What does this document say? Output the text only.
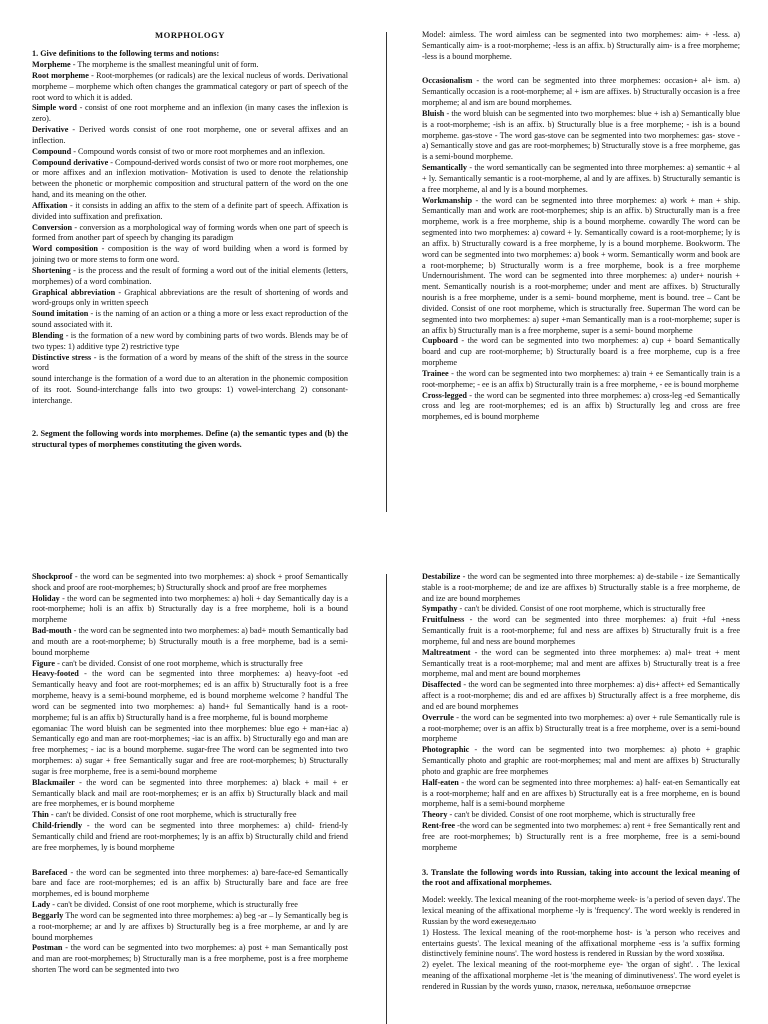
MORPHOLOGY

1. Give definitions to the following terms and notions:

Morpheme - The morpheme is the smallest meaningful unit of form.

Root morpheme - Root-morphemes (or radicals) are the lexical nucleus of words. Derivational morpheme – morpheme which often changes the grammatical category or part of speech of the root word to which it is added.

Simple word - consist of one root morpheme and an inflexion (in many cases the inflexion is zero).

Derivative - Derived words consist of one root morpheme, one or several affixes and an inflection.

Compound - Compound words consist of two or more root morphemes and an inflexion.

Compound derivative - Compound-derived words consist of two or more root morphemes, one or more affixes and an inflexion motivation- Motivation is used to denote the relationship between the phonetic or morphemic composition and structural pattern of the word on the one hand, and its meaning on the other.

Affixation - it consists in adding an affix to the stem of a definite part of speech. Affixation is divided into suffixation and prefixation.

Conversion - conversion as a morphological way of forming words when one part of speech is formed from another part of speech by changing its paradigm

Word composition - composition is the way of word building when a word is formed by joining two or more stems to form one word.

Shortening - is the process and the result of forming a word out of the initial elements (letters, morphemes) of a word combination.

Graphical abbreviation - Graphical abbreviations are the result of shortening of words and word-groups only in written speech

Sound imitation - is the naming of an action or a thing a more or less exact reproduction of the sound associated with it.

Blending - is the formation of a new word by combining parts of two words. Blends may be of two types: 1) additive type 2) restrictive type

Distinctive stress - is the formation of a word by means of the shift of the stress in the source word

sound interchange is the formation of a word due to an alteration in the phonemic composition of its root. Sound-interchange falls into two groups: 1) vowel-interchang 2) consonant-interchange.

2. Segment the following words into morphemes. Define (a) the semantic types and (b) the structural types of morphemes constituting the given words.

Model: aimless. The word aimless can be segmented into two morphemes: aim- + -less. a) Semantically aim- is a root-morpheme; -less is an affix. b) Structurally aim- is a free morpheme; -less is a bound morpheme.

Occasionalism - the word can be segmented into three morphemes: occasion+ al+ ism. a) Semantically occasion is a root-morpheme; al + ism are affixes. b) Structurally occasion is a free morpheme; al and ism are bound morphemes.

Bluish - the word bluish can be segmented into two morphemes: blue + ish a) Semantically blue is a root-morpheme; -ish is an affix. b) Structurally blue is a free morpheme; - ish is a bound morpheme. gas-stove - The word gas-stove can be segmented into two morphemes: gas- stove - a) Semantically stove and gas are root-morphemes; b) Structurally stove is a free morpheme, gas is a semi-bound morpheme.

Semantically - the word semantically can be segmented into three morphemes: a) semantic + al + ly. Semantically semantic is a root-morpheme, al and ly are affixes. b) Structurally semantic is a free morpheme, al and ly is a bound morphemes.

Workmanship - the word can be segmented into three morphemes: a) work + man + ship. Semantically man and work are root-morphemes; ship is an affix. b) Structurally man is a free morpheme, work is a free morpheme, ship is a bound morpheme. cowardly The word can be segmented into two morphemes: a) coward + ly. Semantically coward is a root-morpheme; ly is an affix. b) Structurally coward is a free morpheme, ly is a bound morpheme. Bookworm. The word can be segmented into two morphemes: a) book + worm. Semantically worm and book are a root-morpheme; b) Structurally worm is a free morpheme, book is a free morpheme Undernourishment. The word can be segmented into three morphemes: a) under+ nourish + ment. Semantically nourish is a root-morpheme; under and ment are affixes. b) Structurally nourish is a free morpheme, under is a semi- bound morpheme, ment is bound. tree – Cant be divided. Consist of one root morpheme, which is structurally free. Superman The word can be segmented into two morphemes: a) super +man Semantically man is a root-morpheme; super is an affix b) Structurally man is a free morpheme, super is a semi- bound morpheme

Cupboard - the word can be segmented into two morphemes: a) cup + board Semantically board and cup are root-morpheme; b) Structurally board is a free morpheme, cup is a free morpheme

Trainee - the word can be segmented into two morphemes: a) train + ee Semantically train is a root-morpheme; - ee is an affix b) Structurally train is a free morpheme, - ee is bound morpheme

Cross-legged - the word can be segmented into three morphemes: a) cross-leg -ed Semantically cross and leg are root-morphemes; ed is an affix b) Structurally leg and cross are free morphemes, ed is bound morpheme

Shockproof - the word can be segmented into two morphemes: a) shock + proof Semantically shock and proof are root-morphemes; b) Structurally shock and proof are free morphemes

Holiday - the word can be segmented into two morphemes: a) holi + day Semantically day is a root-morpheme; holi is an affix b) Structurally day is a free morpheme, holi is a bound morpheme

Bad-mouth - the word can be segmented into two morphemes: a) bad+ mouth Semantically bad and mouth are a root-morpheme; b) Structurally mouth is a free morpheme, bad is a semi- bound morpheme

Figure - can't be divided. Consist of one root morpheme, which is structurally free

Heavy-footed - the word can be segmented into three morphemes: a) heavy-foot -ed Semantically heavy and foot are root-morphemes; ed is an affix b) Structurally foot is a free morpheme, heavy is a semi-bound morpheme, ed is bound morpheme welcome ? handful The word can be segmented into two morphemes: a) hand+ ful Semantically hand is a root-morpheme; ful is an affix b) Structurally hand is a free morpheme, ful is bound morpheme

egomaniac The word bluish can be segmented into thee morphemes: blue ego + man+iac a) Semantically ego and man are root-morphemes; -iac is an affix. b) Structurally ego and man are free morphemes; - iac is a bound morpheme. sugar-free The word can be segmented into two morphemes: a) sugar + free Semantically sugar and free are root-morphemes; b) Structurally sugar is free morpheme, free is a semi-bound morpheme

Blackmailer - the word can be segmented into three morphemes: a) black + mail + er Semantically black and mail are root-morphemes; er is an affix b) Structurally black and mail are free morphemes, er is bound morpheme

Thin - can't be divided. Consist of one root morpheme, which is structurally free

Child-friendly - the word can be segmented into three morphemes: a) child- friend-ly Semantically child and friend are root-morphemes; ly is an affix b) Structurally child and friend are free morphemes, ly is bound morpheme

Barefaced - the word can be segmented into three morphemes: a) bare-face-ed Semantically bare and face are root-morphemes; ed is an affix b) Structurally bare and face are free morphemes, ed is bound morpheme

Lady - can't be divided. Consist of one root morpheme, which is structurally free

Beggarly The word can be segmented into three morphemes: a) beg -ar – ly Semantically beg is a root-morpheme; ar and ly are affixes b) Structurally beg is a free morpheme, ar and ly are bound morphemes

Postman - the word can be segmented into two morphemes: a) post + man Semantically post and man are root-morphemes; b) Structurally man is a free morpheme, post is a free morpheme shorten The word can be segmented into two

Destabilize - the word can be segmented into three morphemes: a) de-stabile - ize Semantically stable is a root-morpheme; de and ize are affixes b) Structurally stable is a free morpheme, de and ize are bound morphemes

Sympathy - can't be divided. Consist of one root morpheme, which is structurally free

Fruitfulness - the word can be segmented into three morphemes: a) fruit +ful +ness Semantically fruit is a root-morpheme; ful and ness are affixes b) Structurally fruit is a free morpheme, ful and ness are bound morphemes

Maltreatment - the word can be segmented into three morphemes: a) mal+ treat + ment Semantically treat is a root-morpheme; mal and ment are affixes b) Structurally treat is a free morpheme, mal and ment are bound morphemes

Disaffected - the word can be segmented into three morphemes: a) dis+ affect+ ed Semantically affect is a root-morpheme; dis and ed are affixes b) Structurally affect is a free morpheme, dis and ed are bound morphemes

Overrule - the word can be segmented into two morphemes: a) over + rule Semantically rule is a root-morpheme; over is an affix b) Structurally treat is a free morpheme, over is a semi-bound morpheme

Photographic - the word can be segmented into two morphemes: a) photo + graphic Semantically photo and graphic are root-morphemes; mal and ment are affixes b) Structurally photo and graphic are free morphemes

Half-eaten - the word can be segmented into three morphemes: a) half- eat-en Semantically eat is a root-morpheme; half and en are affixes b) Structurally eat is a free morpheme, en is bound morpheme, half is a semi-bound morpheme

Theory - can't be divided. Consist of one root morpheme, which is structurally free

Rent-free -the word can be segmented into two morphemes: a) rent + free Semantically rent and free are root-morphemes; b) Structurally rent is a free morpheme, free is a semi-bound morpheme

3. Translate the following words into Russian, taking into account the lexical meaning of the root and affixational morphemes.

Model: weekly. The lexical meaning of the root-morpheme week- is 'a period of seven days'. The lexical meaning of the affixational morpheme -ly is 'frequency'. The word weekly is rendered in Russian by the word еженедельно

1) Hostess. The lexical meaning of the root-morpheme host- is 'a person who receives and entertains guests'. The lexical meaning of the affixational morpheme -ess is 'a suffix forming distinctively feminine nouns'. The word hostess is rendered in Russian by the word хозяйка.

2) eyelet. The lexical meaning of the root-morpheme eye- 'the organ of sight'. . The lexical meaning of the affixational morpheme -let is 'the meaning of diminutiveness'. The word eyelet is rendered in Russian by the words ушко, глазок, петелька, небольшое отверстие
